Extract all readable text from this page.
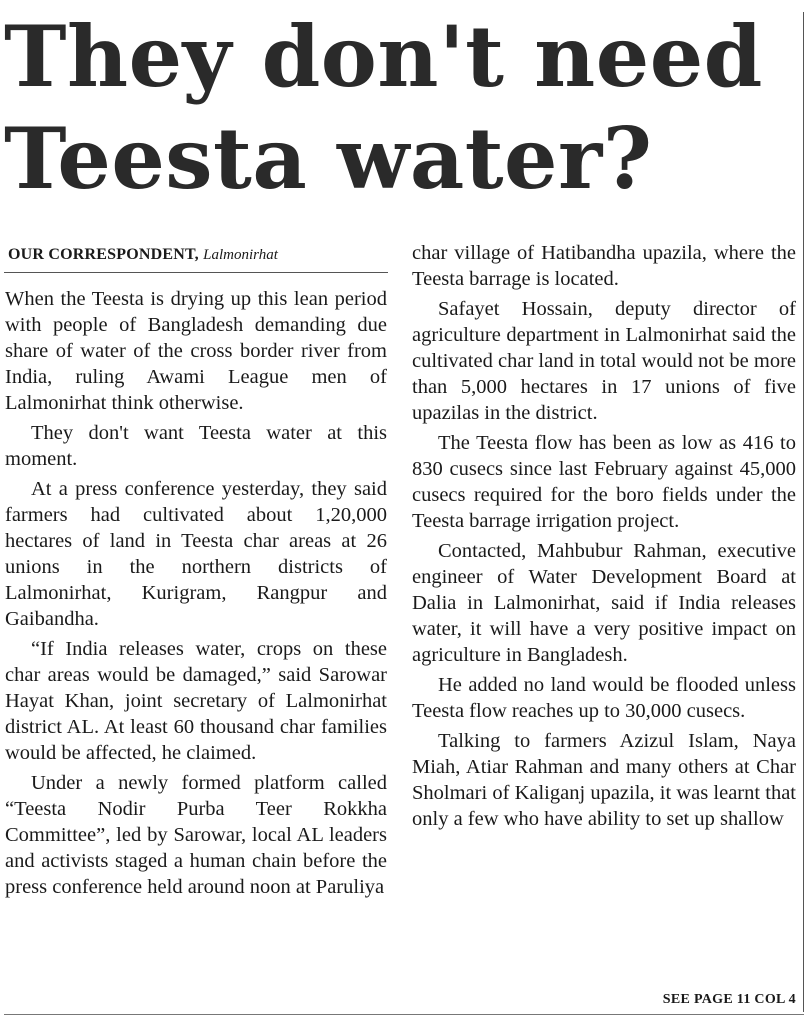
They don't need
Teesta water?
OUR CORRESPONDENT, Lalmonirhat

When the Teesta is drying up this lean period with people of Bangladesh demanding due share of water of the cross border river from India, ruling Awami League men of Lalmonirhat think otherwise.

They don't want Teesta water at this moment.

At a press conference yesterday, they said farmers had cultivated about 1,20,000 hectares of land in Teesta char areas at 26 unions in the northern districts of Lalmonirhat, Kurigram, Rangpur and Gaibandha.

“If India releases water, crops on these char areas would be damaged,” said Sarowar Hayat Khan, joint secretary of Lalmonirhat district AL. At least 60 thousand char families would be affected, he claimed.

Under a newly formed platform called “Teesta Nodir Purba Teer Rokkha Committee”, led by Sarowar, local AL leaders and activists staged a human chain before the press conference held around noon at Paruliya

char village of Hatibandha upazila, where the Teesta barrage is located.

Safayet Hossain, deputy director of agriculture department in Lalmonirhat said the cultivated char land in total would not be more than 5,000 hectares in 17 unions of five upazilas in the district.

The Teesta flow has been as low as 416 to 830 cusecs since last February against 45,000 cusecs required for the boro fields under the Teesta barrage irrigation project.

Contacted, Mahbubur Rahman, executive engineer of Water Development Board at Dalia in Lalmonirhat, said if India releases water, it will have a very positive impact on agriculture in Bangladesh.

He added no land would be flooded unless Teesta flow reaches up to 30,000 cusecs.

Talking to farmers Azizul Islam, Naya Miah, Atiar Rahman and many others at Char Sholmari of Kaliganj upazila, it was learnt that only a few who have ability to set up shallow

SEE PAGE 11 COL 4
